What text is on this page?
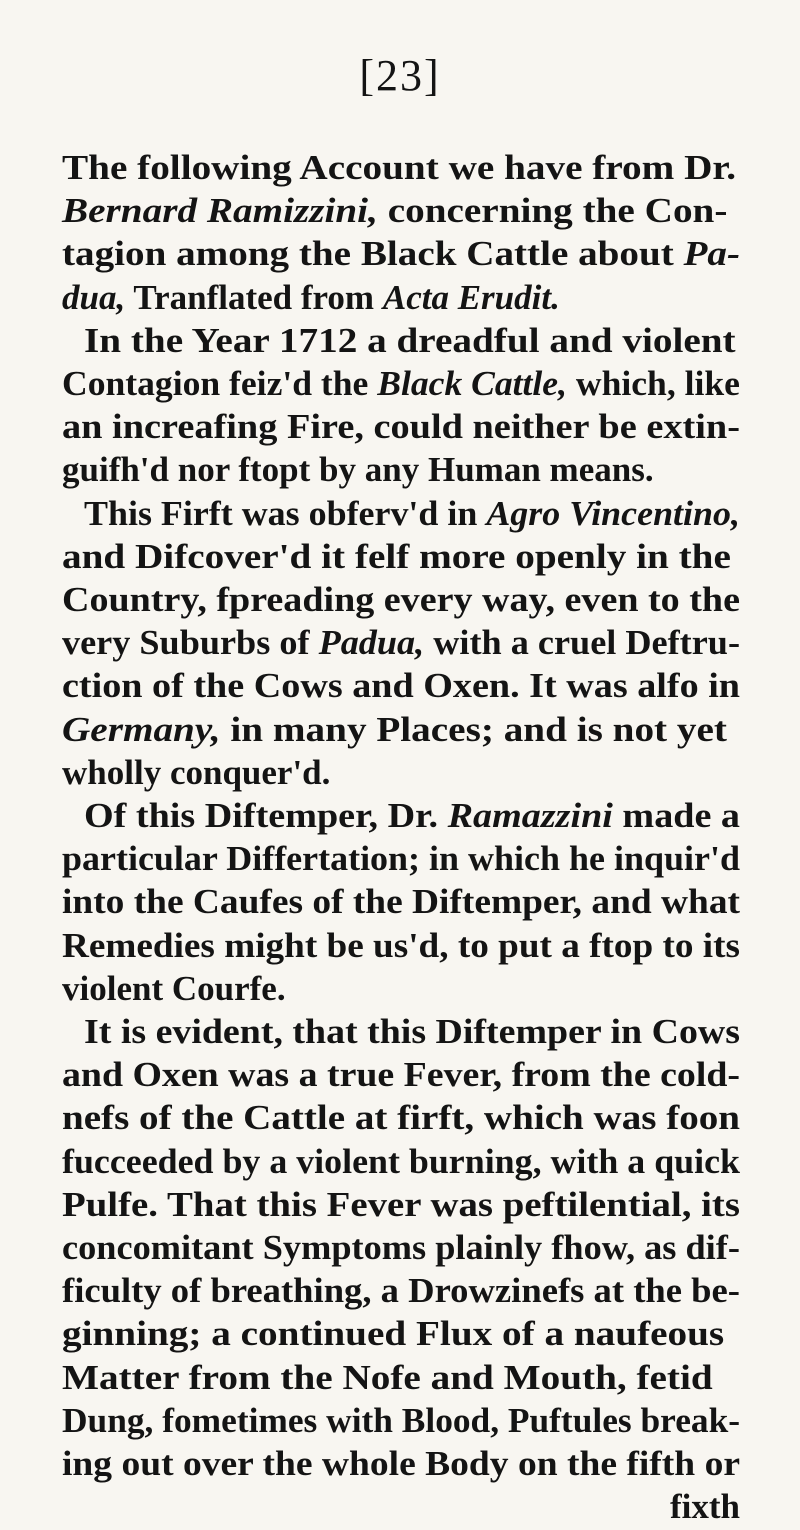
[23]
The following Account we have from Dr.
Bernard Ramizzini, concerning the Con-
tagion among the Black Cattle about Pa-
dua, Tranflated from Acta Erudit.
In the Year 1712 a dreadful and violent
Contagion feiz'd the Black Cattle, which, like
an increafing Fire, could neither be extin-
guifh'd nor ftopt by any Human means.
This Firft was obferv'd in Agro Vincentino,
and Difcover'd it felf more openly in the
Country, fpreading every way, even to the
very Suburbs of Padua, with a cruel Deftru-
ction of the Cows and Oxen. It was alfo in
Germany, in many Places; and is not yet
wholly conquer'd.
Of this Diftemper, Dr. Ramazzini made a
particular Differtation; in which he inquir'd
into the Caufes of the Diftemper, and what
Remedies might be us'd, to put a ftop to its
violent Courfe.
It is evident, that this Diftemper in Cows
and Oxen was a true Fever, from the cold-
nefs of the Cattle at firft, which was foon
fucceeded by a violent burning, with a quick
Pulfe. That this Fever was peftilential, its
concomitant Symptoms plainly fhow, as dif-
ficulty of breathing, a Drowzinefs at the be-
ginning; a continued Flux of a naufeous
Matter from the Nofe and Mouth, fetid
Dung, fometimes with Blood, Puftules break-
ing out over the whole Body on the fifth or
fixth
